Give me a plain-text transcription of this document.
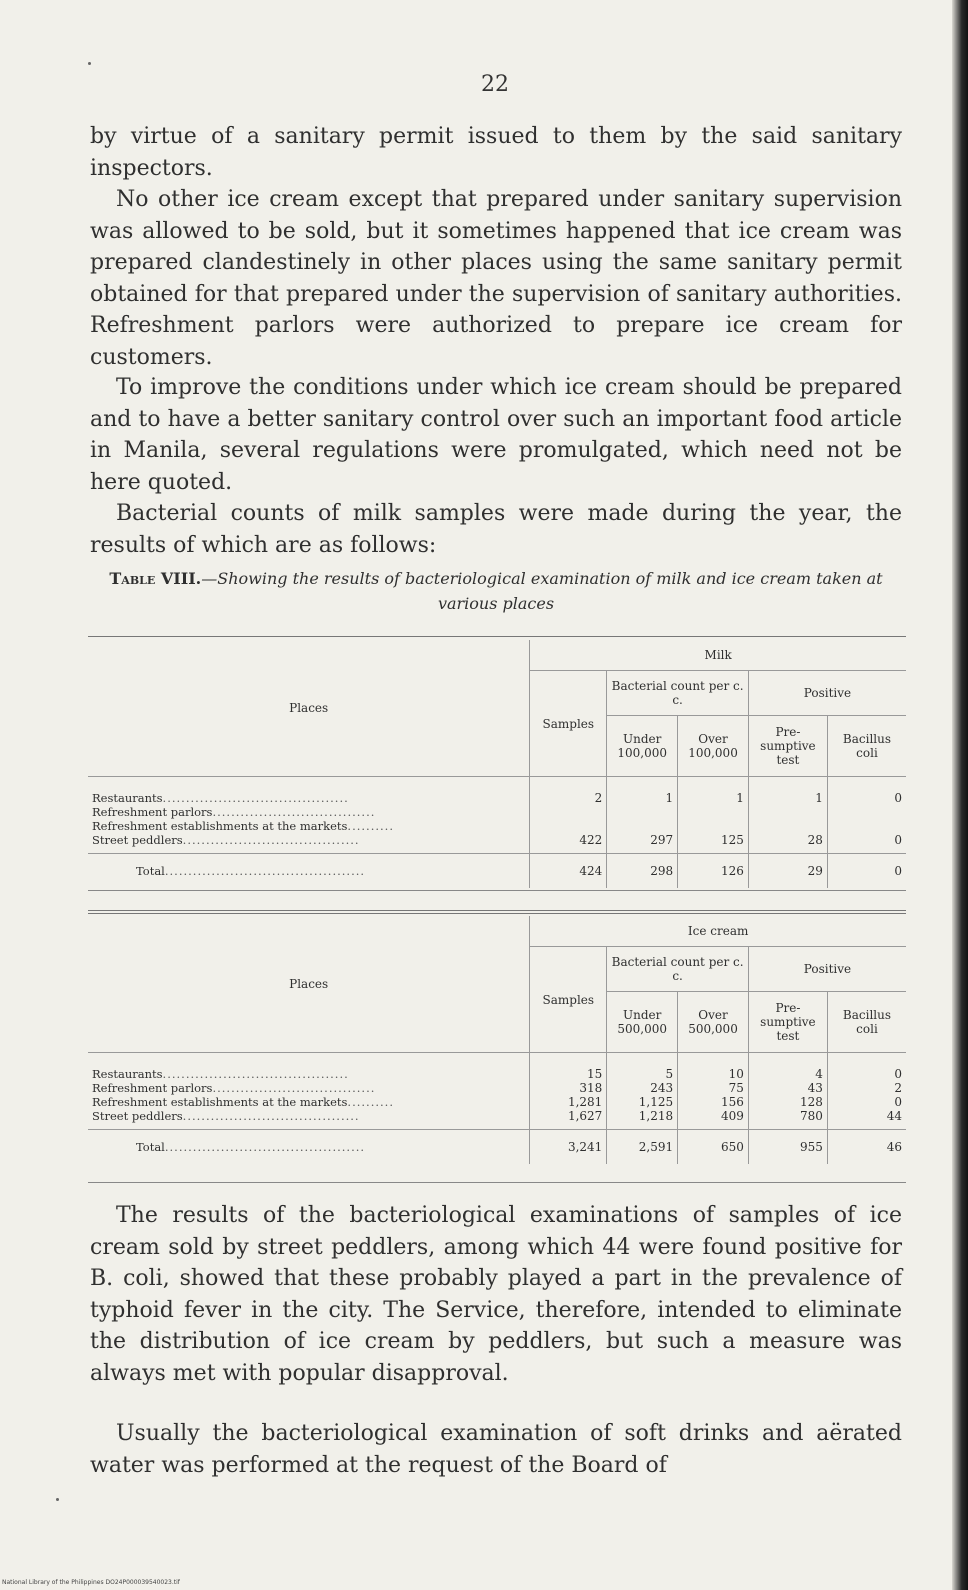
22

by virtue of a sanitary permit issued to them by the said sanitary inspectors.

No other ice cream except that prepared under sanitary supervision was allowed to be sold, but it sometimes happened that ice cream was prepared clandestinely in other places using the same sanitary permit obtained for that prepared under the supervision of sanitary authorities. Refreshment parlors were authorized to prepare ice cream for customers.

To improve the conditions under which ice cream should be prepared and to have a better sanitary control over such an important food article in Manila, several regulations were promulgated, which need not be here quoted.

Bacterial counts of milk samples were made during the year, the results of which are as follows:

Table VIII.—Showing the results of bacteriological examination of milk and ice cream taken at various places
Places	Milk				
	Samples	Bacterial count per c. c.		Positive	
		Under 100,000	Over 100,000	Pre-sumptive test	Bacillus coli
Restaurants........................................	2	1	1	1	0
Refreshment parlors...................................					
Refreshment establishments at the markets..........					
Street peddlers......................................	422	297	125	28	0
Total...........................................	424	298	126	29	0
Places	Ice cream				
	Samples	Bacterial count per c. c.		Positive	
		Under 500,000	Over 500,000	Pre-sumptive test	Bacillus coli
Restaurants........................................	15	5	10	4	0
Refreshment parlors...................................	318	243	75	43	2
Refreshment establishments at the markets..........	1,281	1,125	156	128	0
Street peddlers......................................	1,627	1,218	409	780	44
Total...........................................	3,241	2,591	650	955	46

The results of the bacteriological examinations of samples of ice cream sold by street peddlers, among which 44 were found positive for B. coli, showed that these probably played a part in the prevalence of typhoid fever in the city. The Service, therefore, intended to eliminate the distribution of ice cream by peddlers, but such a measure was always met with popular disapproval.

Usually the bacteriological examination of soft drinks and aërated water was performed at the request of the Board of

National Library of the Philippines DO24P000039540023.tif
